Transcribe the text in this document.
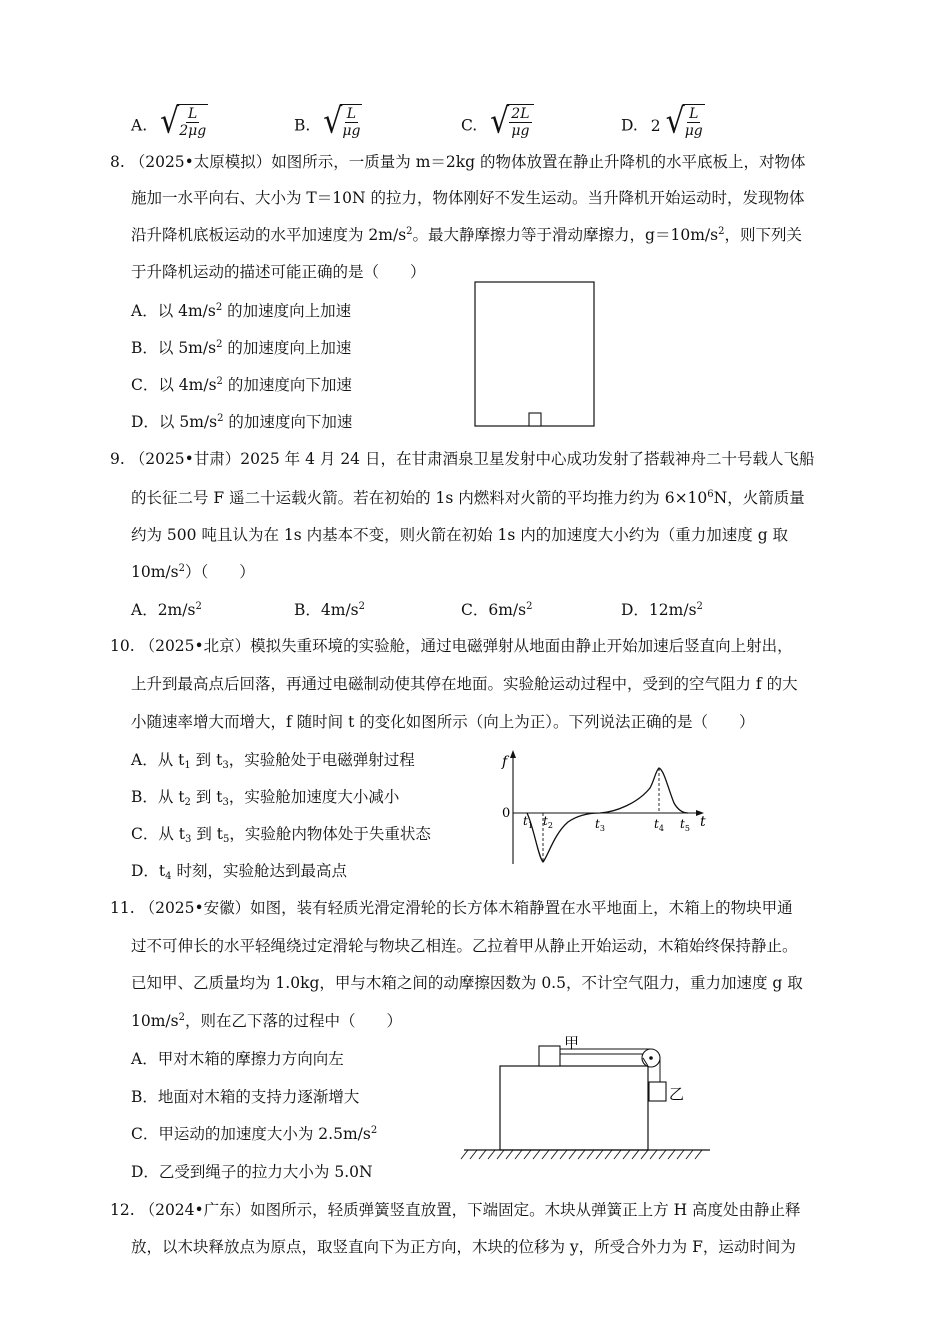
A. √ $\frac{L}{2\mu g}$	B. √ $\frac{L}{\mu g}$	C. √ $\frac{2L}{\mu g}$	D. 2 √ $\frac{L}{\mu g}$
8. （2025•太原模拟）如图所示，一质量为 m＝2kg 的物体放置在静止升降机的水平底板上，对物体
施加一水平向右、大小为 T＝10N 的拉力，物体刚好不发生运动。当升降机开始运动时，发现物体
沿升降机底板运动的水平加速度为 $2m/s^2$。最大静摩擦力等于滑动摩擦力，$g=10m/s^2$，则下列关
于升降机运动的描述可能正确的是（　　）
A．以 $4m/s^2$ 的加速度向上加速
B．以 $5m/s^2$ 的加速度向上加速
C．以 $4m/s^2$ 的加速度向下加速
D．以 $5m/s^2$ 的加速度向下加速
9. （2025•甘肃）2025 年 4 月 24 日，在甘肃酒泉卫星发射中心成功发射了搭载神舟二十号载人飞船
的长征二号 F 遥二十运载火箭。若在初始的 1s 内燃料对火箭的平均推力约为 $6\times 10^6N$，火箭质量
约为 500 吨且认为在 1s 内基本不变，则火箭在初始 1s 内的加速度大小约为（重力加速度 g 取
$10m/s^2$）（　　）
A．$2m/s^2$	B．$4m/s^2$	C．$6m/s^2$	D．$12m/s^2$
10. （2025•北京）模拟失重环境的实验舱，通过电磁弹射从地面由静止开始加速后竖直向上射出，
上升到最高点后回落，再通过电磁制动使其停在地面。实验舱运动过程中，受到的空气阻力 f 的大
小随速率增大而增大，f 随时间 t 的变化如图所示（向上为正）。下列说法正确的是（　　）
A．从 $t_1$ 到 $t_3$，实验舱处于电磁弹射过程
B．从 $t_2$ 到 $t_3$，实验舱加速度大小减小
C．从 $t_3$ 到 $t_5$，实验舱内物体处于失重状态
D．$t_4$ 时刻，实验舱达到最高点
f
0
t
$t_1$ $t_2$	$t_3$	$t_4$ $t_5$
11. （2025•安徽）如图，装有轻质光滑定滑轮的长方体木箱静置在水平地面上，木箱上的物块甲通
过不可伸长的水平轻绳绕过定滑轮与物块乙相连。乙拉着甲从静止开始运动，木箱始终保持静止。
已知甲、乙质量均为 1.0kg，甲与木箱之间的动摩擦因数为 0.5，不计空气阻力，重力加速度 g 取
$10m/s^2$，则在乙下落的过程中（　　）
A．甲对木箱的摩擦力方向向左
B．地面对木箱的支持力逐渐增大
C．甲运动的加速度大小为 $2.5m/s^2$
D．乙受到绳子的拉力大小为 5.0N
甲
乙
12. （2024•广东）如图所示，轻质弹簧竖直放置，下端固定。木块从弹簧正上方 H 高度处由静止释
放，以木块释放点为原点，取竖直向下为正方向，木块的位移为 y，所受合外力为 F，运动时间为
